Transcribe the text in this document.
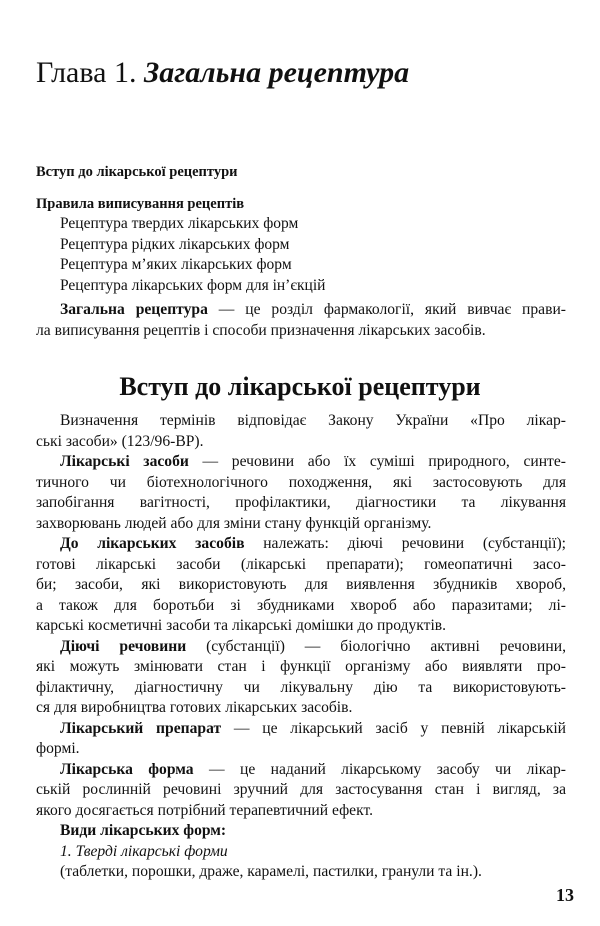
Глава 1. Загальна рецептура
Вступ до лікарської рецептури
Правила виписування рецептів
Рецептура твердих лікарських форм
Рецептура рідких лікарських форм
Рецептура м’яких лікарських форм
Рецептура лікарських форм для ін’єкцій
Загальна рецептура — це розділ фармакології, який вивчає прави-
ла виписування рецептів і способи призначення лікарських засобів.
Вступ до лікарської рецептури
Визначення термінів відповідає Закону України «Про лікар-
ські засоби» (123/96-ВР).
Лікарські засоби — речовини або їх суміші природного, синте-
тичного чи біотехнологічного походження, які застосовують для
запобігання вагітності, профілактики, діагностики та лікування
захворювань людей або для зміни стану функцій організму.
До лікарських засобів належать: діючі речовини (субстанції);
готові лікарські засоби (лікарські препарати); гомеопатичні засо-
би; засоби, які використовують для виявлення збудників хвороб,
а також для боротьби зі збудниками хвороб або паразитами; лі-
карські косметичні засоби та лікарські домішки до продуктів.
Діючі речовини (субстанції) — біологічно активні речовини,
які можуть змінювати стан і функції організму або виявляти про-
філактичну, діагностичну чи лікувальну дію та використовують-
ся для виробництва готових лікарських засобів.
Лікарський препарат — це лікарський засіб у певній лікарській
формі.
Лікарська форма — це наданий лікарському засобу чи лікар-
ській рослинній речовині зручний для застосування стан і вигляд, за
якого досягається потрібний терапевтичний ефект.
Види лікарських форм:
1. Тверді лікарські форми
(таблетки, порошки, драже, карамелі, пастилки, гранули та ін.).
13
